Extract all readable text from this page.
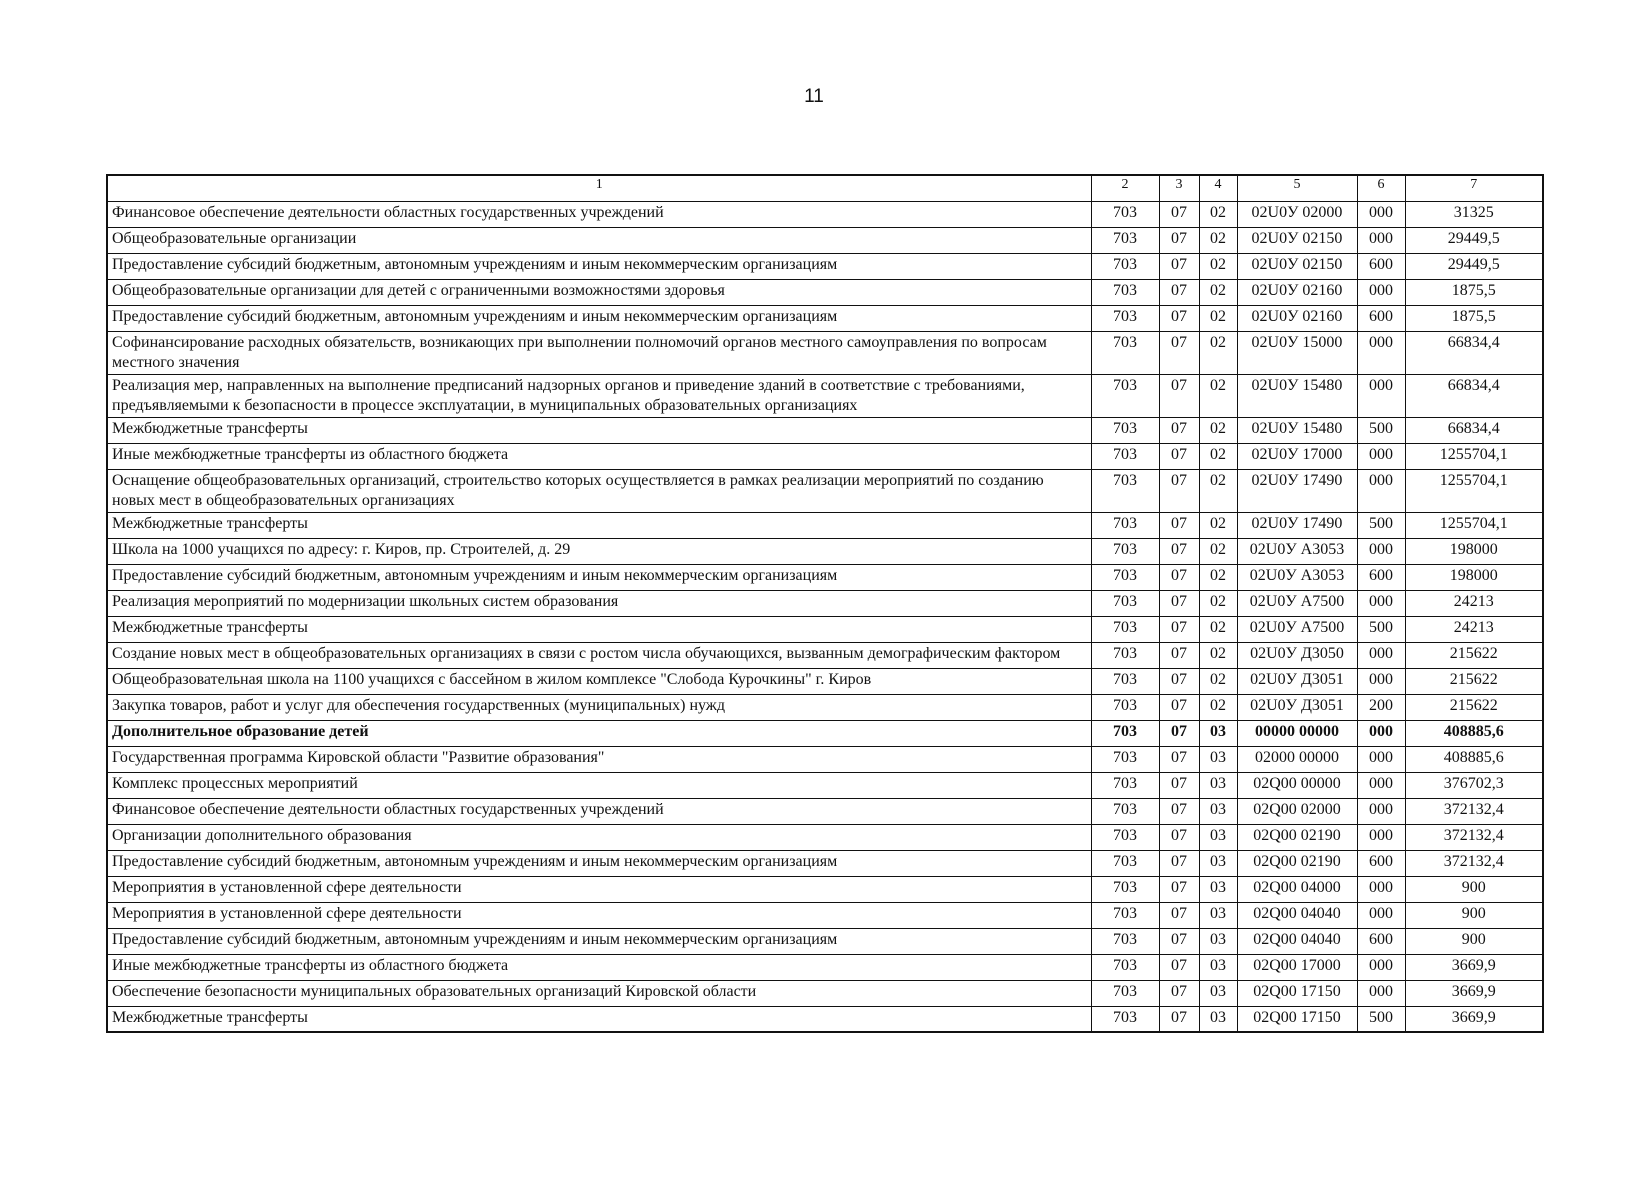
11
1	2	3	4	5	6	7
Финансовое обеспечение деятельности областных государственных учреждений	703	07	02	02U0У 02000	000	31325
Общеобразовательные организации	703	07	02	02U0У 02150	000	29449,5
Предоставление субсидий бюджетным, автономным учреждениям и иным некоммерческим организациям	703	07	02	02U0У 02150	600	29449,5
Общеобразовательные организации для детей с ограниченными возможностями здоровья	703	07	02	02U0У 02160	000	1875,5
Предоставление субсидий бюджетным, автономным учреждениям и иным некоммерческим организациям	703	07	02	02U0У 02160	600	1875,5
Софинансирование расходных обязательств, возникающих при выполнении полномочий органов местного самоуправления по вопросам местного значения	703	07	02	02U0У 15000	000	66834,4
Реализация мер, направленных на выполнение предписаний надзорных органов и приведение зданий в соответствие с требованиями, предъявляемыми к безопасности в процессе эксплуатации, в муниципальных образовательных организациях	703	07	02	02U0У 15480	000	66834,4
Межбюджетные трансферты	703	07	02	02U0У 15480	500	66834,4
Иные межбюджетные трансферты из областного бюджета	703	07	02	02U0У 17000	000	1255704,1
Оснащение общеобразовательных организаций, строительство которых осуществляется в рамках реализации мероприятий по созданию новых мест в общеобразовательных организациях	703	07	02	02U0У 17490	000	1255704,1
Межбюджетные трансферты	703	07	02	02U0У 17490	500	1255704,1
Школа на 1000 учащихся по адресу: г. Киров, пр. Строителей, д. 29	703	07	02	02U0У А3053	000	198000
Предоставление субсидий бюджетным, автономным учреждениям и иным некоммерческим организациям	703	07	02	02U0У А3053	600	198000
Реализация мероприятий по модернизации школьных систем образования	703	07	02	02U0У А7500	000	24213
Межбюджетные трансферты	703	07	02	02U0У А7500	500	24213
Создание новых мест в общеобразовательных организациях в связи с ростом числа обучающихся, вызванным демографическим фактором	703	07	02	02U0У Д3050	000	215622
Общеобразовательная школа на 1100 учащихся с бассейном в жилом комплексе "Слобода Курочкины" г. Киров	703	07	02	02U0У Д3051	000	215622
Закупка товаров, работ и услуг для обеспечения государственных (муниципальных) нужд	703	07	02	02U0У Д3051	200	215622
Дополнительное образование детей	703	07	03	00000 00000	000	408885,6
Государственная программа Кировской области "Развитие образования"	703	07	03	02000 00000	000	408885,6
Комплекс процессных мероприятий	703	07	03	02Q00 00000	000	376702,3
Финансовое обеспечение деятельности областных государственных учреждений	703	07	03	02Q00 02000	000	372132,4
Организации дополнительного образования	703	07	03	02Q00 02190	000	372132,4
Предоставление субсидий бюджетным, автономным учреждениям и иным некоммерческим организациям	703	07	03	02Q00 02190	600	372132,4
Мероприятия в установленной сфере деятельности	703	07	03	02Q00 04000	000	900
Мероприятия в установленной сфере деятельности	703	07	03	02Q00 04040	000	900
Предоставление субсидий бюджетным, автономным учреждениям и иным некоммерческим организациям	703	07	03	02Q00 04040	600	900
Иные межбюджетные трансферты из областного бюджета	703	07	03	02Q00 17000	000	3669,9
Обеспечение безопасности муниципальных образовательных организаций Кировской области	703	07	03	02Q00 17150	000	3669,9
Межбюджетные трансферты	703	07	03	02Q00 17150	500	3669,9
